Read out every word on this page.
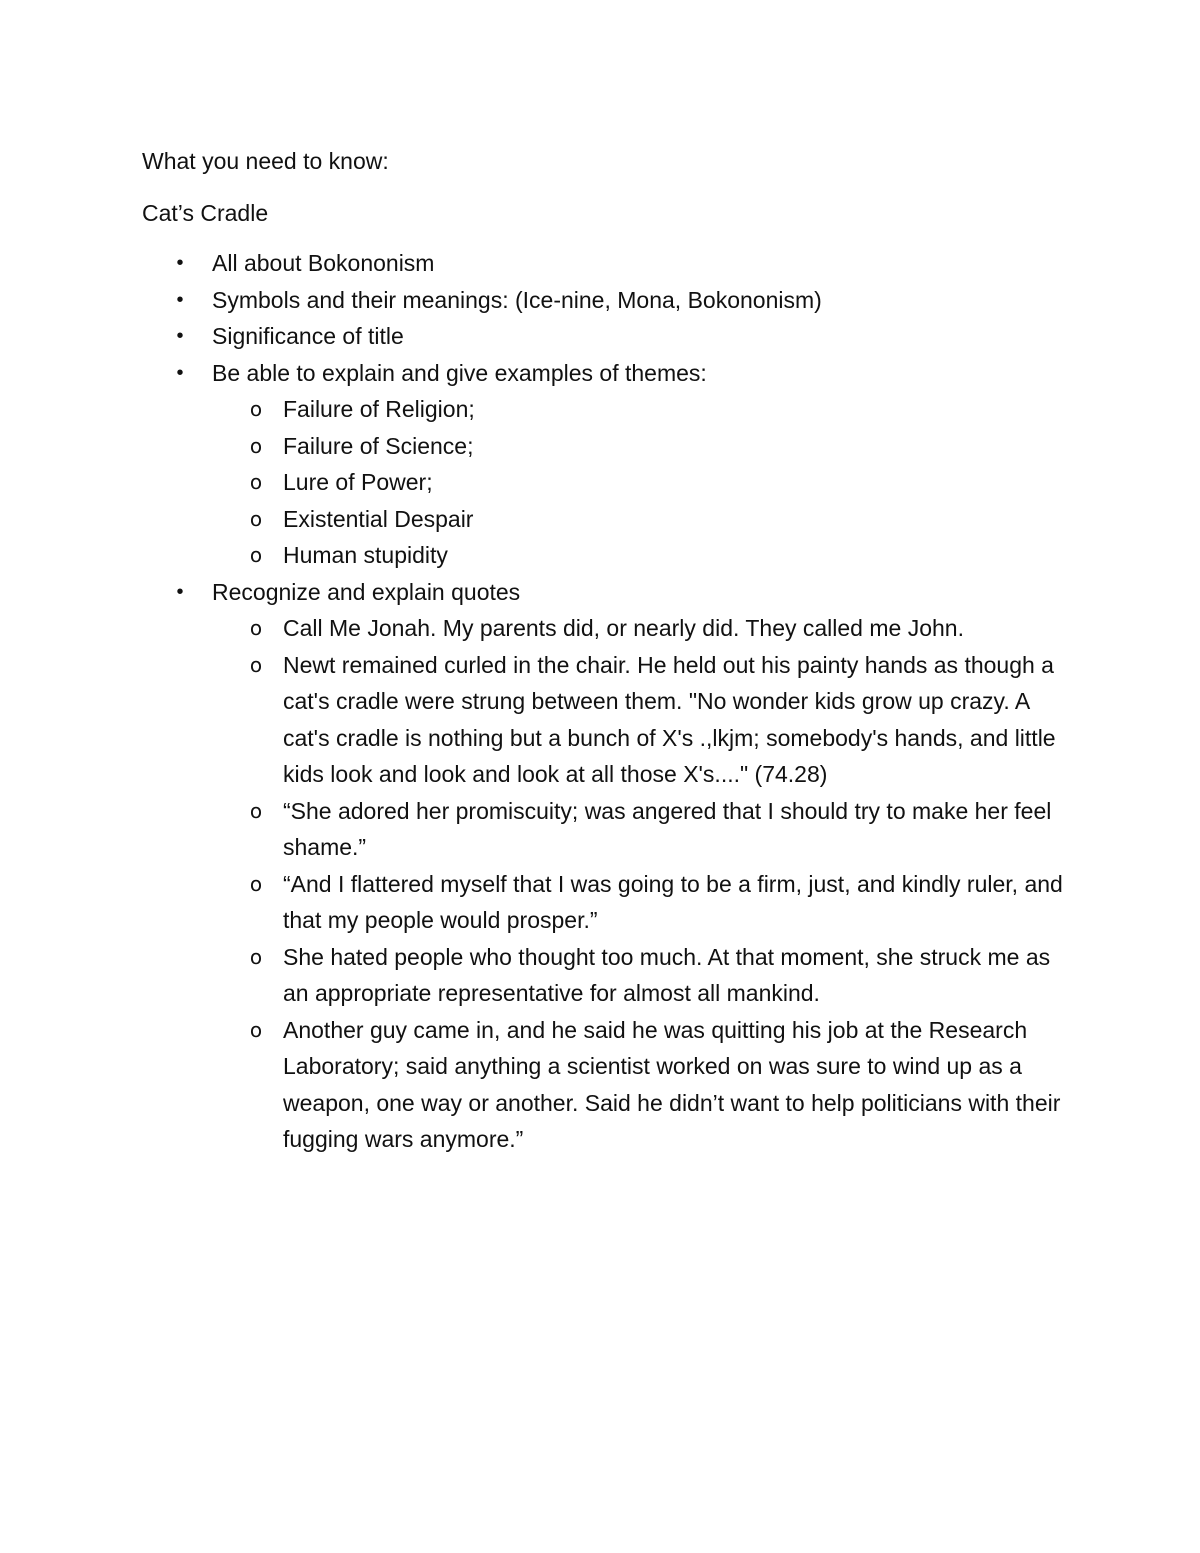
What you need to know:
Cat’s Cradle
• All about Bokononism
• Symbols and their meanings: (Ice-nine, Mona, Bokononism)
• Significance of title
• Be able to explain and give examples of themes:
o Failure of Religion;
o Failure of Science;
o Lure of Power;
o Existential Despair
o Human stupidity
• Recognize and explain quotes
o Call Me Jonah. My parents did, or nearly did. They called me John.
o Newt remained curled in the chair. He held out his painty hands as though a cat's cradle were strung between them. "No wonder kids grow up crazy. A cat's cradle is nothing but a bunch of X's .,lkjm; somebody's hands, and little kids look and look and look at all those X's...." (74.28)
o “She adored her promiscuity; was angered that I should try to make her feel shame.”
o “And I flattered myself that I was going to be a firm, just, and kindly ruler, and that my people would prosper.”
o She hated people who thought too much. At that moment, she struck me as an appropriate representative for almost all mankind.
o Another guy came in, and he said he was quitting his job at the Research Laboratory; said anything a scientist worked on was sure to wind up as a weapon, one way or another. Said he didn’t want to help politicians with their fugging wars anymore.”
